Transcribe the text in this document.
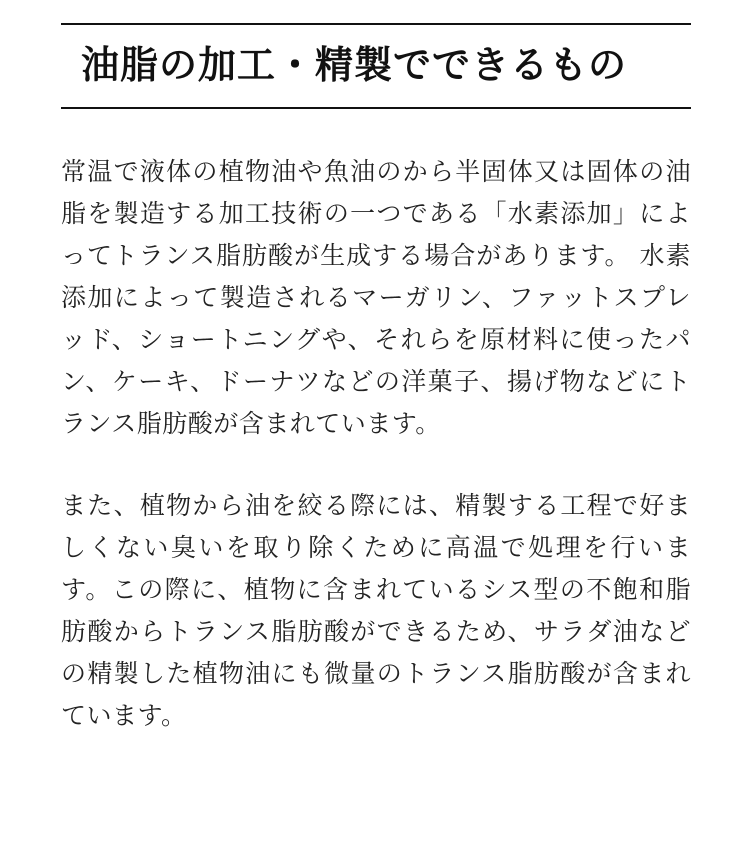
油脂の加工・精製でできるもの

常温で液体の植物油や魚油のから半固体又は固体の油脂を製造する加工技術の一つである「水素添加」によってトランス脂肪酸が生成する場合があります。 水素添加によって製造されるマーガリン、ファットスプレッド、ショートニングや、それらを原材料に使ったパン、ケーキ、ドーナツなどの洋菓子、揚げ物などにトランス脂肪酸が含まれています。

また、植物から油を絞る際には、精製する工程で好ましくない臭いを取り除くために高温で処理を行います。この際に、植物に含まれているシス型の不飽和脂肪酸からトランス脂肪酸ができるため、サラダ油などの精製した植物油にも微量のトランス脂肪酸が含まれています。
